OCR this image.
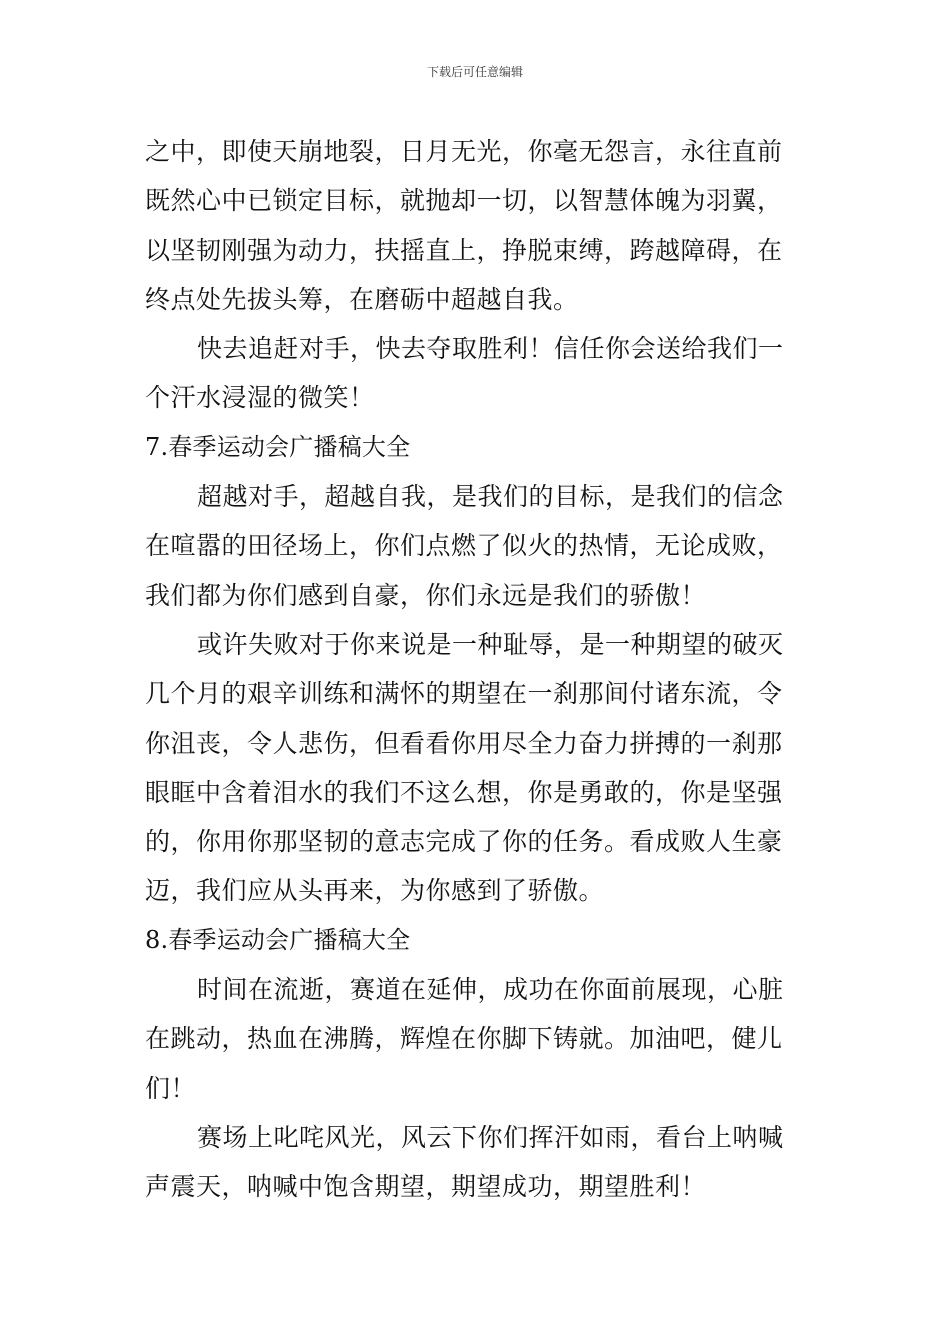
下载后可任意编辑
之中，即使天崩地裂，日月无光，你毫无怨言，永往直前
既然心中已锁定目标，就抛却一切，以智慧体魄为羽翼，
以坚韧刚强为动力，扶摇直上，挣脱束缚，跨越障碍，在
终点处先拔头筹，在磨砺中超越自我。
快去追赶对手，快去夺取胜利！信任你会送给我们一
个汗水浸湿的微笑！
7.春季运动会广播稿大全
超越对手，超越自我，是我们的目标，是我们的信念
在喧嚣的田径场上，你们点燃了似火的热情，无论成败，
我们都为你们感到自豪，你们永远是我们的骄傲！
或许失败对于你来说是一种耻辱，是一种期望的破灭
几个月的艰辛训练和满怀的期望在一刹那间付诸东流，令
你沮丧，令人悲伤，但看看你用尽全力奋力拼搏的一刹那
眼眶中含着泪水的我们不这么想，你是勇敢的，你是坚强
的，你用你那坚韧的意志完成了你的任务。看成败人生豪
迈，我们应从头再来，为你感到了骄傲。
8.春季运动会广播稿大全
时间在流逝，赛道在延伸，成功在你面前展现，心脏
在跳动，热血在沸腾，辉煌在你脚下铸就。加油吧，健儿
们！
赛场上叱咤风光，风云下你们挥汗如雨，看台上呐喊
声震天，呐喊中饱含期望，期望成功，期望胜利！
